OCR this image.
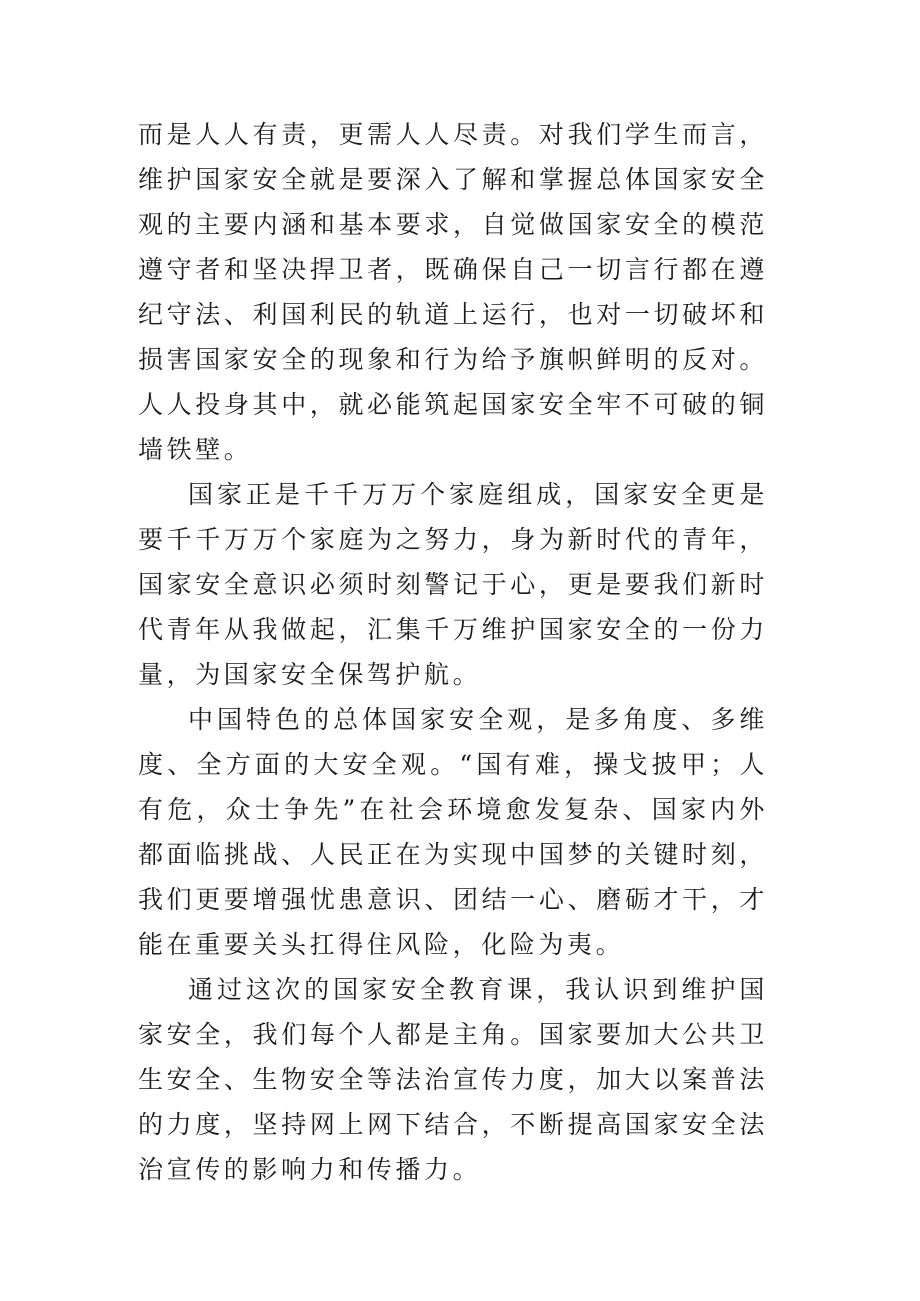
而是人人有责，更需人人尽责。对我们学生而言，维护国家安全就是要深入了解和掌握总体国家安全观的主要内涵和基本要求，自觉做国家安全的模范遵守者和坚决捍卫者，既确保自己一切言行都在遵纪守法、利国利民的轨道上运行，也对一切破坏和损害国家安全的现象和行为给予旗帜鲜明的反对。人人投身其中，就必能筑起国家安全牢不可破的铜墙铁壁。

国家正是千千万万个家庭组成，国家安全更是要千千万万个家庭为之努力，身为新时代的青年，国家安全意识必须时刻警记于心，更是要我们新时代青年从我做起，汇集千万维护国家安全的一份力量，为国家安全保驾护航。

中国特色的总体国家安全观，是多角度、多维度、全方面的大安全观。“国有难，操戈披甲；人有危，众士争先”在社会环境愈发复杂、国家内外都面临挑战、人民正在为实现中国梦的关键时刻，我们更要增强忧患意识、团结一心、磨砺才干，才能在重要关头扛得住风险，化险为夷。

通过这次的国家安全教育课，我认识到维护国家安全，我们每个人都是主角。国家要加大公共卫生安全、生物安全等法治宣传力度，加大以案普法的力度，坚持网上网下结合，不断提高国家安全法治宣传的影响力和传播力。
